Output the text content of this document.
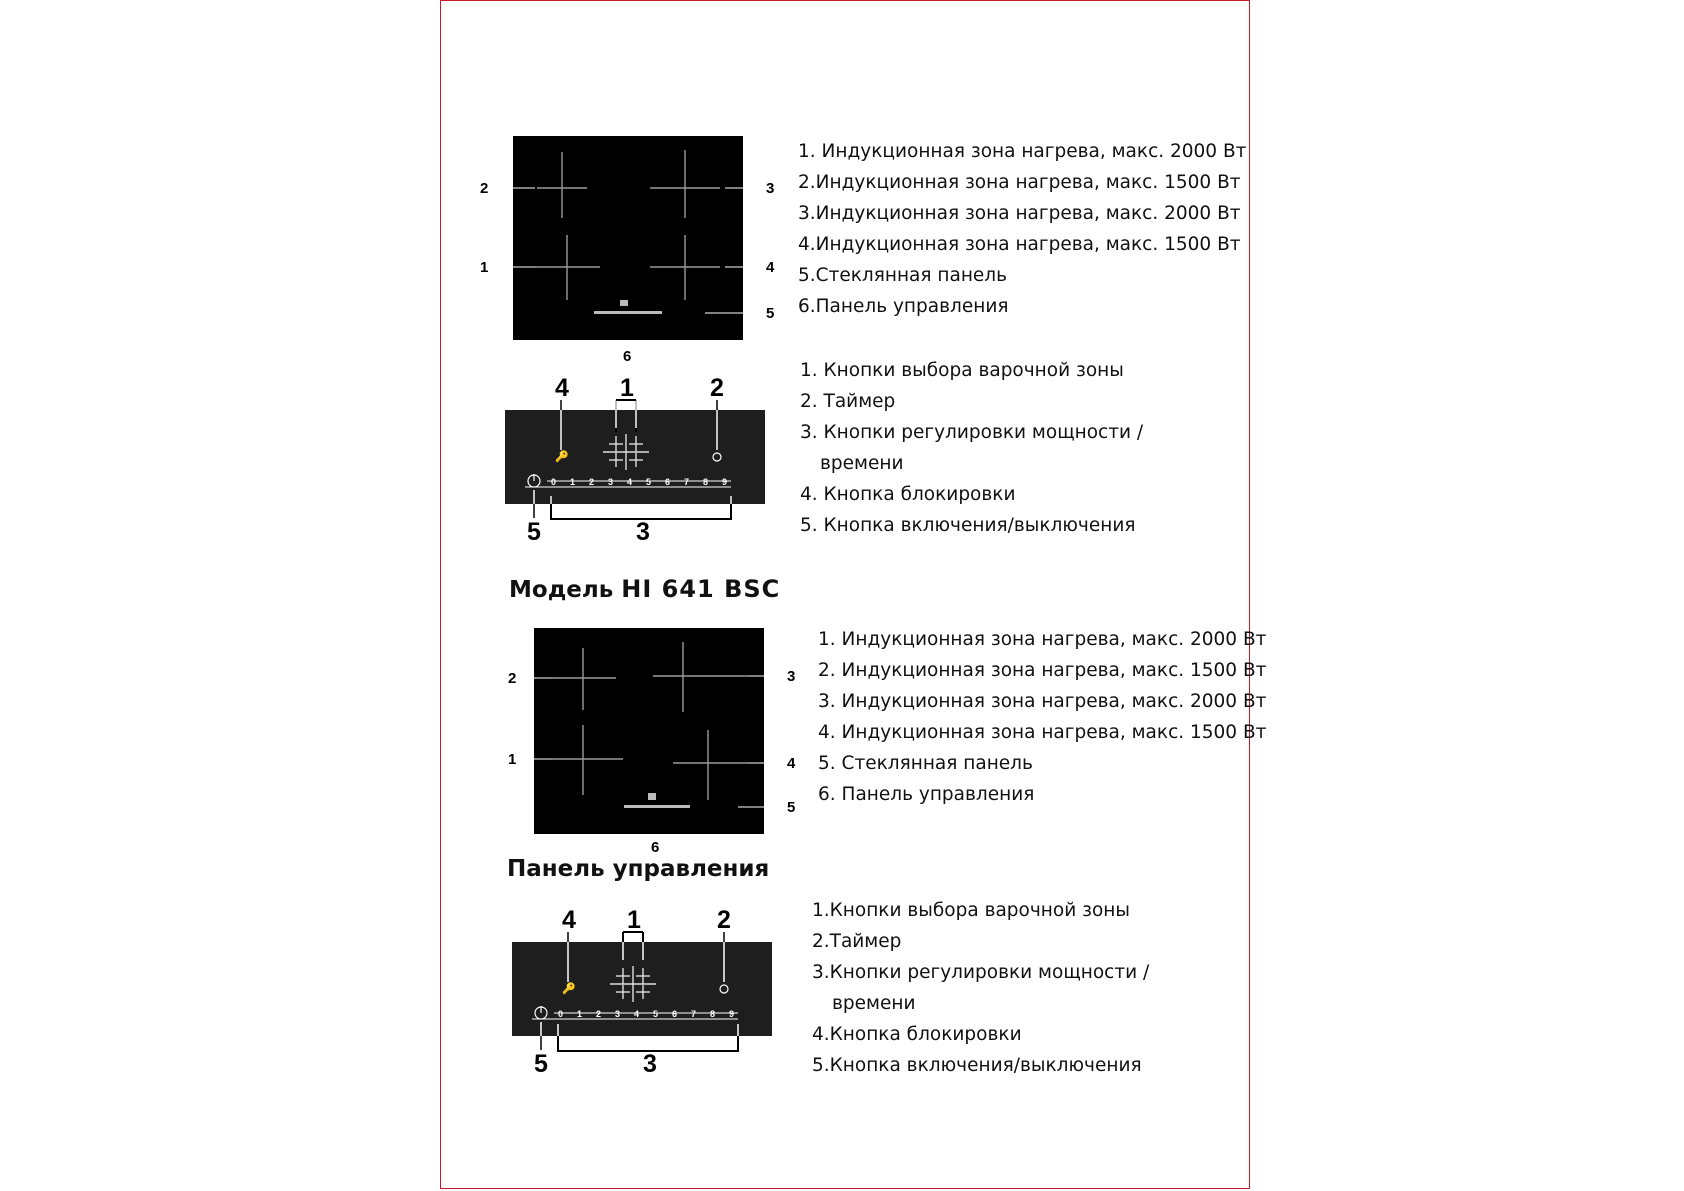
2	3
1	4
5
6
1. Индукционная зона нагрева, макс. 2000 Вт
2.Индукционная зона нагрева, макс. 1500 Вт
3.Индукционная зона нагрева, макс. 2000 Вт
4.Индукционная зона нагрева, макс. 1500 Вт
5.Стеклянная панель
6.Панель управления
🔑
0 1 2 3 4 5 6 7 8 9
4 1	2
5	3
1. Кнопки выбора варочной зоны
2. Таймер
3. Кнопки регулировки мощности /
времени
4. Кнопка блокировки
5. Кнопка включения/выключения
Модель HI 641 BSC
2	3
1	4
5
6
1. Индукционная зона нагрева, макс. 2000 Вт
2. Индукционная зона нагрева, макс. 1500 Вт
3. Индукционная зона нагрева, макс. 2000 Вт
4. Индукционная зона нагрева, макс. 1500 Вт
5. Стеклянная панель
6. Панель управления
Панель управления
🔑
0 1 2 3 4 5 6 7 8 9
4 1	2
5	3
1.Кнопки выбора варочной зоны
2.Таймер
3.Кнопки регулировки мощности /
времени
4.Кнопка блокировки
5.Кнопка включения/выключения
